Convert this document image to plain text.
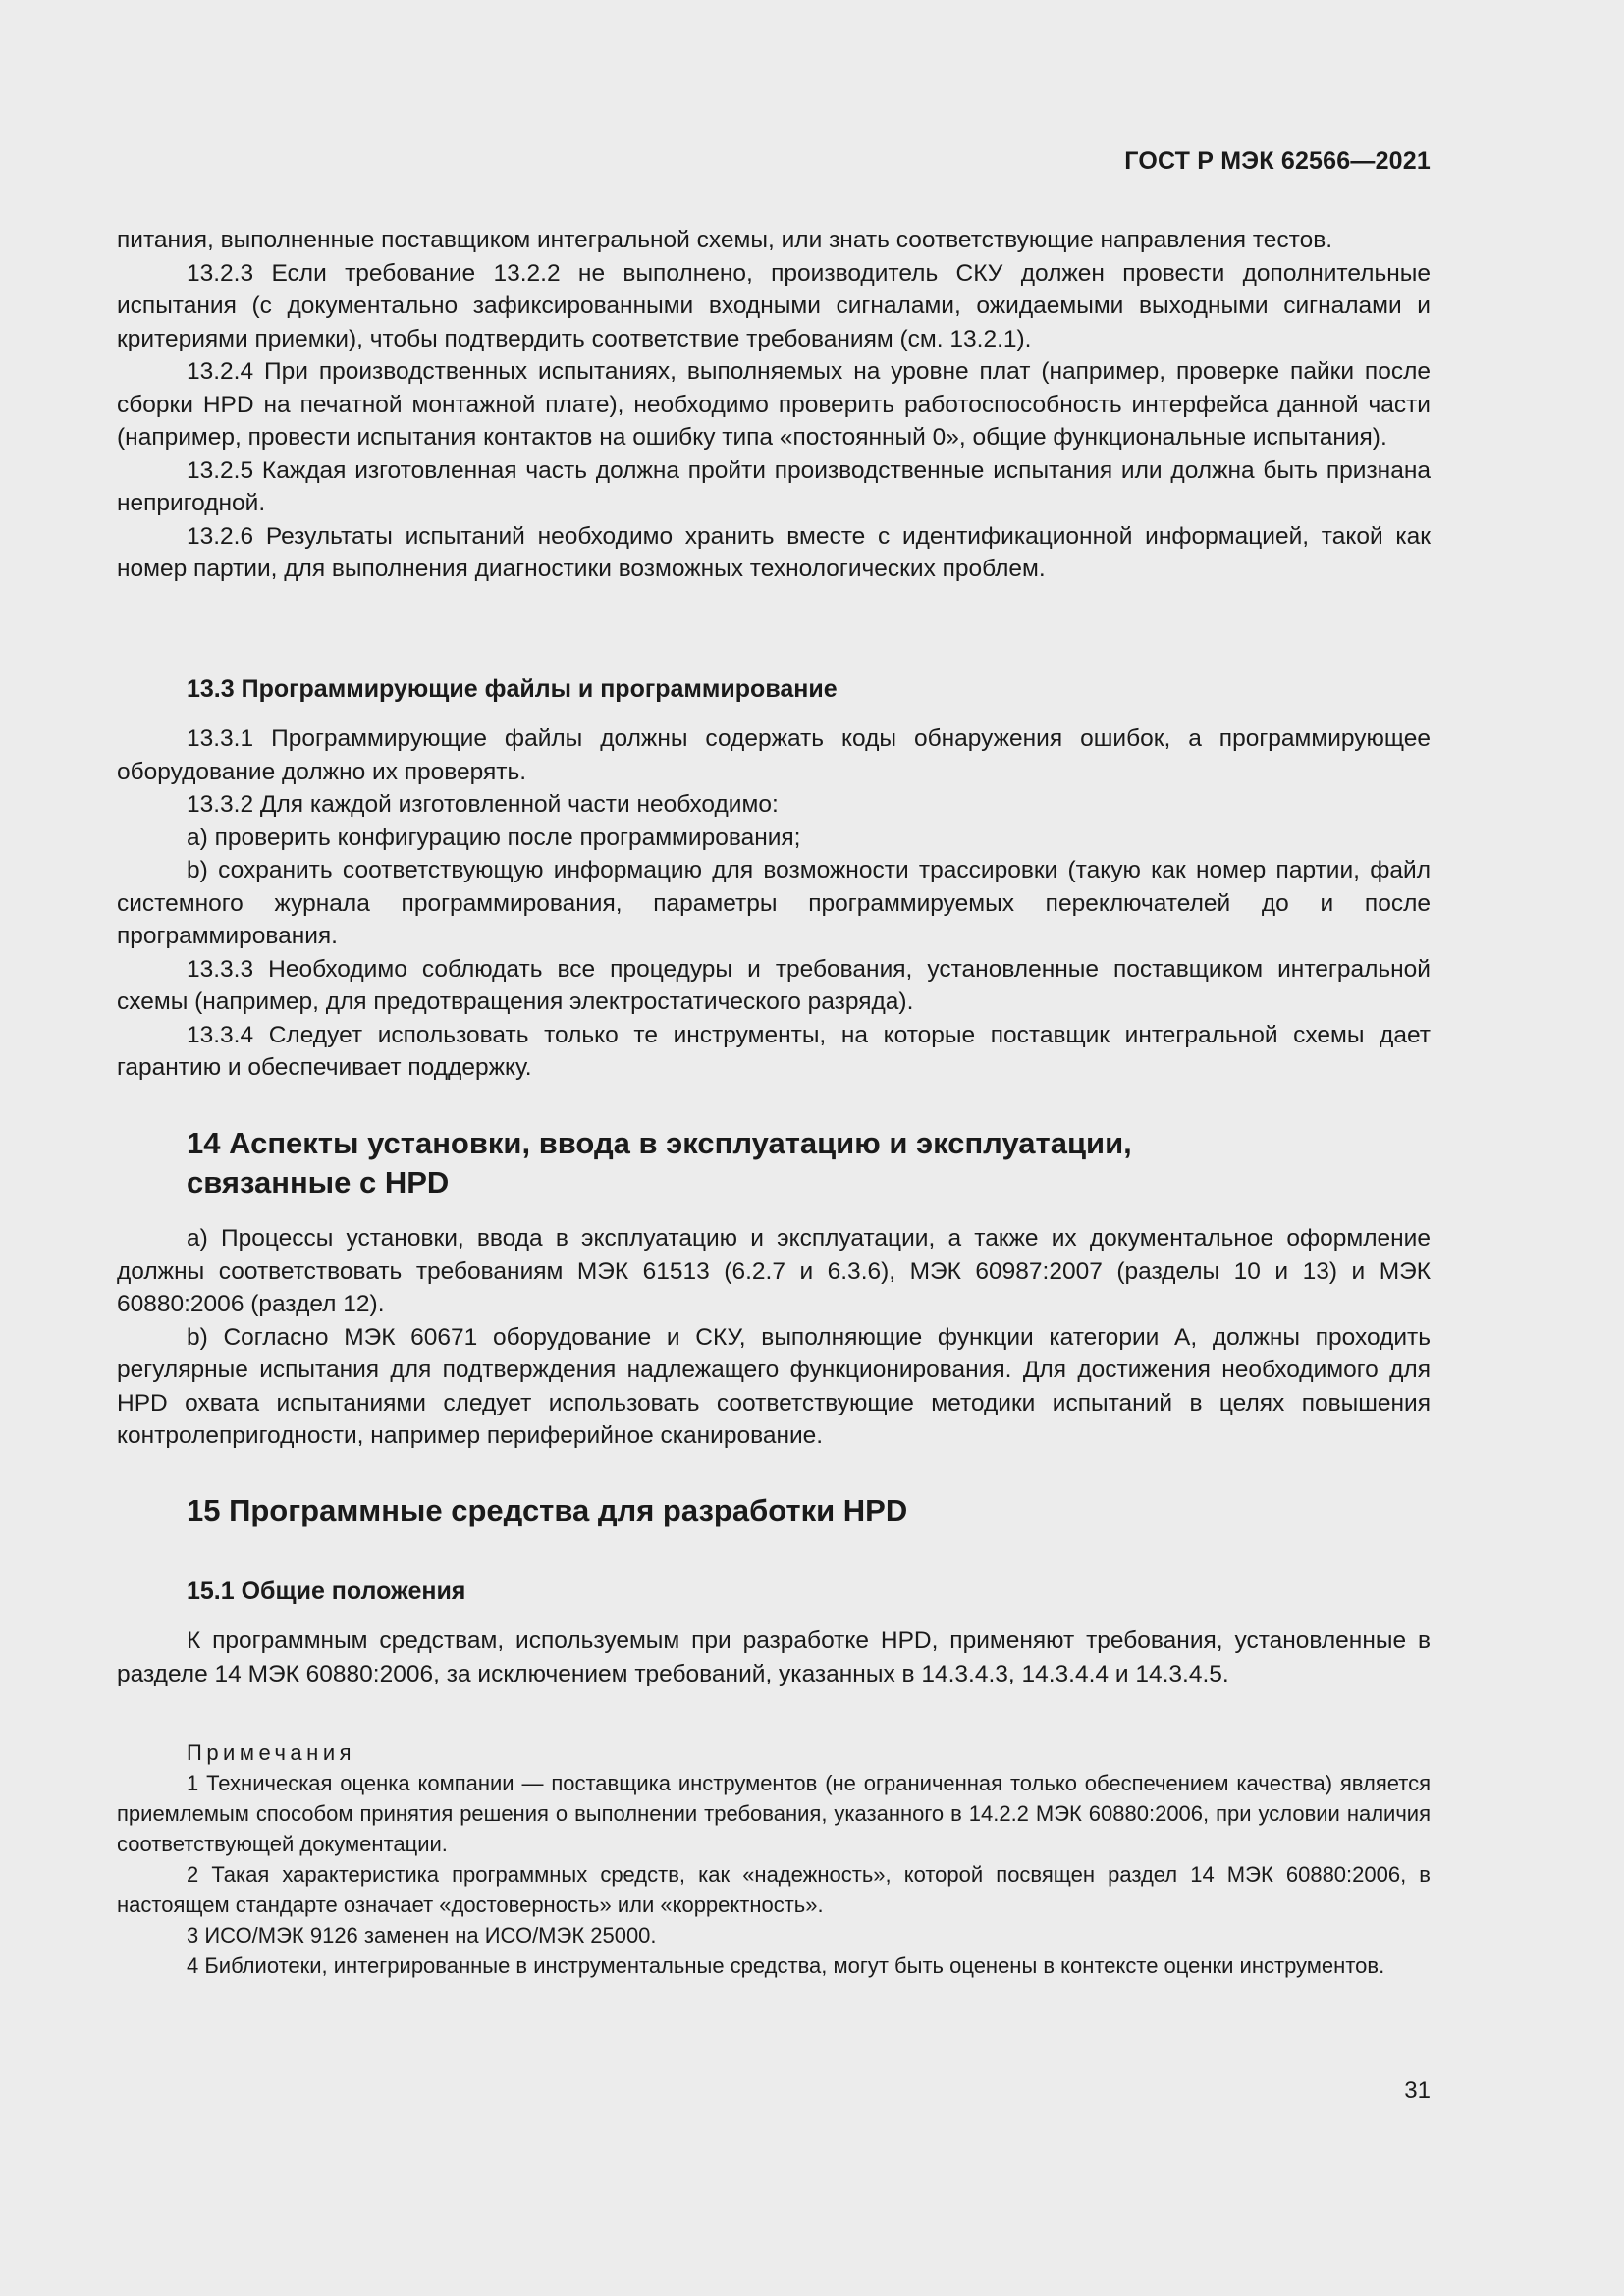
ГОСТ Р МЭК 62566—2021

питания, выполненные поставщиком интегральной схемы, или знать соответствующие направления тестов.

13.2.3 Если требование 13.2.2 не выполнено, производитель СКУ должен провести дополнительные испытания (с документально зафиксированными входными сигналами, ожидаемыми выходными сигналами и критериями приемки), чтобы подтвердить соответствие требованиям (см. 13.2.1).

13.2.4 При производственных испытаниях, выполняемых на уровне плат (например, проверке пайки после сборки HPD на печатной монтажной плате), необходимо проверить работоспособность интерфейса данной части (например, провести испытания контактов на ошибку типа «постоянный 0», общие функциональные испытания).

13.2.5 Каждая изготовленная часть должна пройти производственные испытания или должна быть признана непригодной.

13.2.6 Результаты испытаний необходимо хранить вместе с идентификационной информацией, такой как номер партии, для выполнения диагностики возможных технологических проблем.

13.3 Программирующие файлы и программирование

13.3.1 Программирующие файлы должны содержать коды обнаружения ошибок, а программирующее оборудование должно их проверять.

13.3.2 Для каждой изготовленной части необходимо:

а) проверить конфигурацию после программирования;

b) сохранить соответствующую информацию для возможности трассировки (такую как номер партии, файл системного журнала программирования, параметры программируемых переключателей до и после программирования.

13.3.3 Необходимо соблюдать все процедуры и требования, установленные поставщиком интегральной схемы (например, для предотвращения электростатического разряда).

13.3.4 Следует использовать только те инструменты, на которые поставщик интегральной схемы дает гарантию и обеспечивает поддержку.

14 Аспекты установки, ввода в эксплуатацию и эксплуатации,
связанные с HPD

а) Процессы установки, ввода в эксплуатацию и эксплуатации, а также их документальное оформление должны соответствовать требованиям МЭК 61513 (6.2.7 и 6.3.6), МЭК 60987:2007 (разделы 10 и 13) и МЭК 60880:2006 (раздел 12).

b) Согласно МЭК 60671 оборудование и СКУ, выполняющие функции категории А, должны проходить регулярные испытания для подтверждения надлежащего функционирования. Для достижения необходимого для HPD охвата испытаниями следует использовать соответствующие методики испытаний в целях повышения контролепригодности, например периферийное сканирование.

15 Программные средства для разработки HPD
15.1 Общие положения

К программным средствам, используемым при разработке HPD, применяют требования, установленные в разделе 14 МЭК 60880:2006, за исключением требований, указанных в 14.3.4.3, 14.3.4.4 и 14.3.4.5.

Примечания

1 Техническая оценка компании — поставщика инструментов (не ограниченная только обеспечением качества) является приемлемым способом принятия решения о выполнении требования, указанного в 14.2.2 МЭК 60880:2006, при условии наличия соответствующей документации.

2 Такая характеристика программных средств, как «надежность», которой посвящен раздел 14 МЭК 60880:2006, в настоящем стандарте означает «достоверность» или «корректность».

3 ИСО/МЭК 9126 заменен на ИСО/МЭК 25000.

4 Библиотеки, интегрированные в инструментальные средства, могут быть оценены в контексте оценки инструментов.

31
